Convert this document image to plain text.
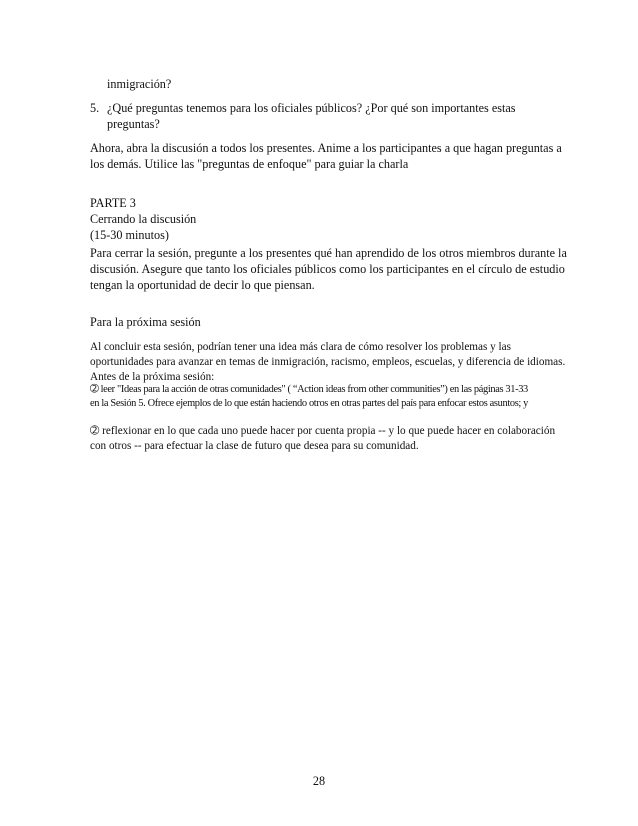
inmigración?
5. ¿Qué preguntas tenemos para los oficiales públicos? ¿Por qué son importantes estas
preguntas?
Ahora, abra la discusión a todos los presentes. Anime a los participantes a que hagan preguntas a
los demás. Utilice las "preguntas de enfoque" para guiar la charla
PARTE 3
Cerrando la discusión
(15-30 minutos)
Para cerrar la sesión, pregunte a los presentes qué han aprendido de los otros miembros durante la
discusión. Asegure que tanto los oficiales públicos como los participantes en el círculo de estudio
tengan la oportunidad de decir lo que piensan.
Para la próxima sesión
Al concluir esta sesión, podrían tener una idea más clara de cómo resolver los problemas y las
oportunidades para avanzar en temas de inmigración, racismo, empleos, escuelas, y diferencia de idiomas.
Antes de la próxima sesión:
➁ leer "Ideas para la acción de otras comunidades" ( “Action ideas from other communities”) en las páginas 31-33
en la Sesión 5. Ofrece ejemplos de lo que están haciendo otros en otras partes del país para enfocar estos asuntos; y
➁ reflexionar en lo que cada uno puede hacer por cuenta propia -- y lo que puede hacer en colaboración
con otros -- para efectuar la clase de futuro que desea para su comunidad.
28
